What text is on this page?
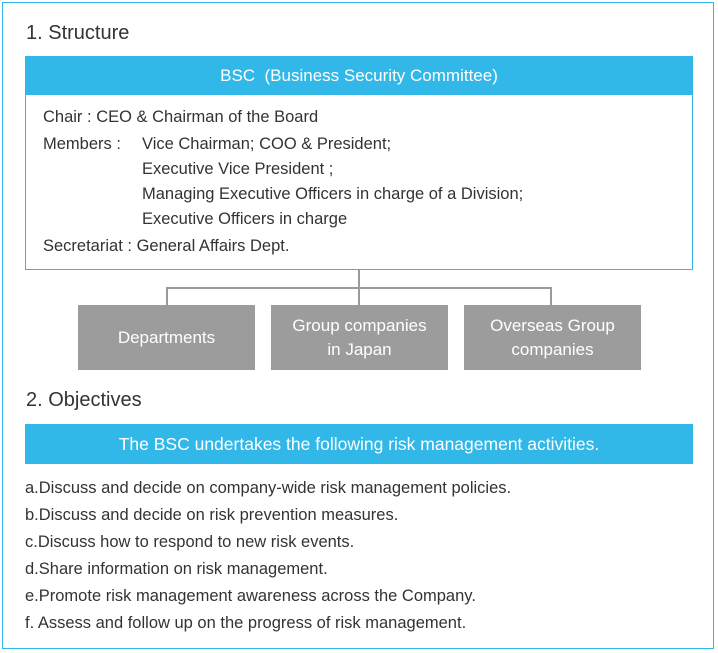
1. Structure
BSC  (Business Security Committee)
Chair : CEO & Chairman of the Board
Members : Vice Chairman; COO & President;
Executive Vice President ;
Managing Executive Officers in charge of a Division;
Executive Officers in charge
Secretariat : General Affairs Dept.
Departments
Group companies
in Japan
Overseas Group
companies
2. Objectives
The BSC undertakes the following risk management activities.
a.Discuss and decide on company-wide risk management policies.
b.Discuss and decide on risk prevention measures.
c.Discuss how to respond to new risk events.
d.Share information on risk management.
e.Promote risk management awareness across the Company.
f. Assess and follow up on the progress of risk management.
